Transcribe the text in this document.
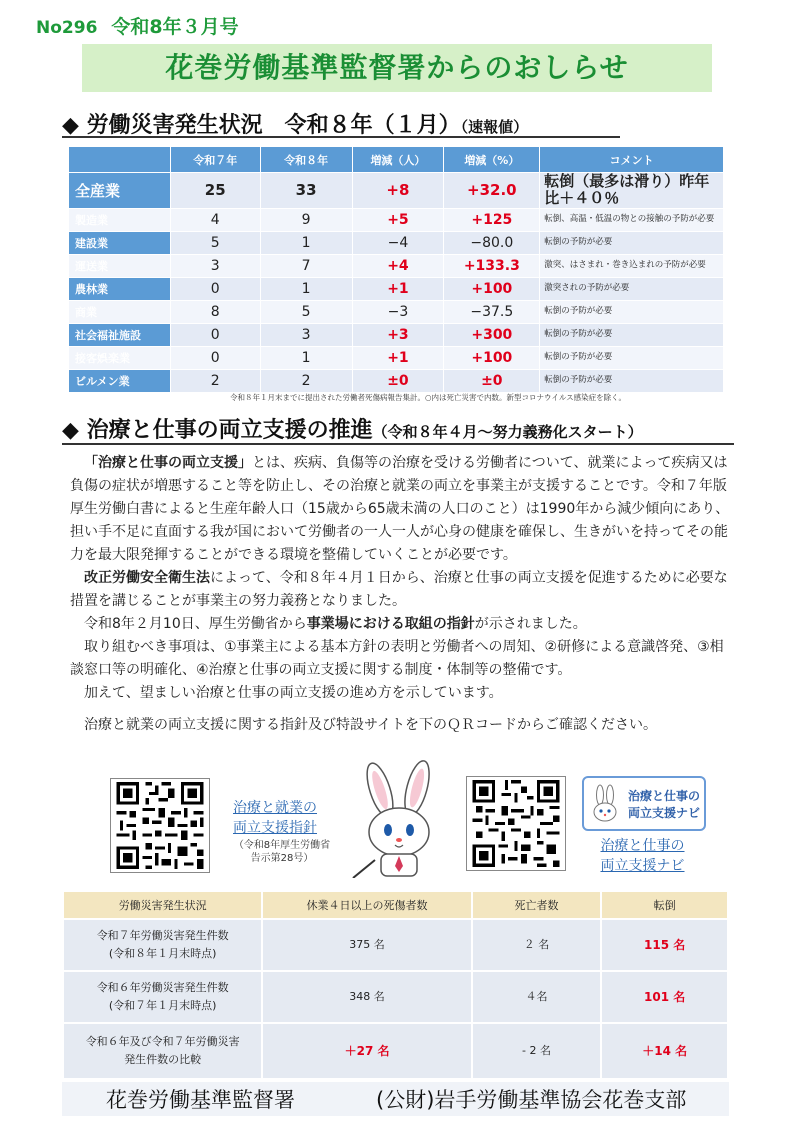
No296 令和8年３月号
花巻労働基準監督署からのおしらせ
◆ 労働災害発生状況　令和８年（１月）（速報値）
	令和７年	令和８年	増減（人）	増減（%）	コメント
全産業	25	33	+8	+32.0	転倒（最多は滑り）昨年比＋４０％
製造業	4	9	+5	+125	転倒、高温・低温の物との接触の予防が必要
建設業	5	1	−4	−80.0	転倒の予防が必要
運送業	3	7	+4	+133.3	激突、はさまれ・巻き込まれの予防が必要
農林業	0	1	+1	+100	激突されの予防が必要
商業	8	5	−3	−37.5	転倒の予防が必要
社会福祉施設	0	3	+3	+300	転倒の予防が必要
接客娯楽業	0	1	+1	+100	転倒の予防が必要
ビルメン業	2	2	±0	±0	転倒の予防が必要
令和８年１月末までに提出された労働者死傷病報告集計。○内は死亡災害で内数。新型コロナウイルス感染症を除く。
◆ 治療と仕事の両立支援の推進（令和８年４月～努力義務化スタート）

 「治療と仕事の両立支援」とは、疾病、負傷等の治療を受ける労働者について、就業によって疾病又は負傷の症状が増悪すること等を防止し、その治療と就業の両立を事業主が支援することです。令和７年版厚生労働白書によると生産年齢人口（15歳から65歳未満の人口のこと）は1990年から減少傾向にあり、担い手不足に直面する我が国において労働者の一人一人が心身の健康を確保し、生きがいを持ってその能力を最大限発揮することができる環境を整備していくことが必要です。

 改正労働安全衛生法によって、令和８年４月１日から、治療と仕事の両立支援を促進するために必要な措置を講じることが事業主の努力義務となりました。

 令和8年２月10日、厚生労働省から事業場における取組の指針が示されました。

 取り組むべき事項は、①事業主による基本方針の表明と労働者への周知、②研修による意識啓発、③相談窓口等の明確化、④治療と仕事の両立支援に関する制度・体制等の整備です。

 加えて、望ましい治療と仕事の両立支援の進め方を示しています。

 治療と就業の両立支援に関する指針及び特設サイトを下のＱＲコードからご確認ください。

治療と就業の
両立支援指針
（令和8年厚生労働省告示第28号）
治療と仕事の
両立支援ナビ
治療と仕事の
両立支援ナビ
労働災害発生状況	休業４日以上の死傷者数	死亡者数	転倒

令和７年労働災害発生件数
(令和８年１月末時点)	375 名	２ 名	115 名

令和６年労働災害発生件数
(令和７年１月末時点)	348 名	４名	101 名

令和６年及び令和７年労働災害
発生件数の比較	＋27 名	- 2 名	＋14 名
花巻労働基準監督署	(公財)岩手労働基準協会花巻支部
